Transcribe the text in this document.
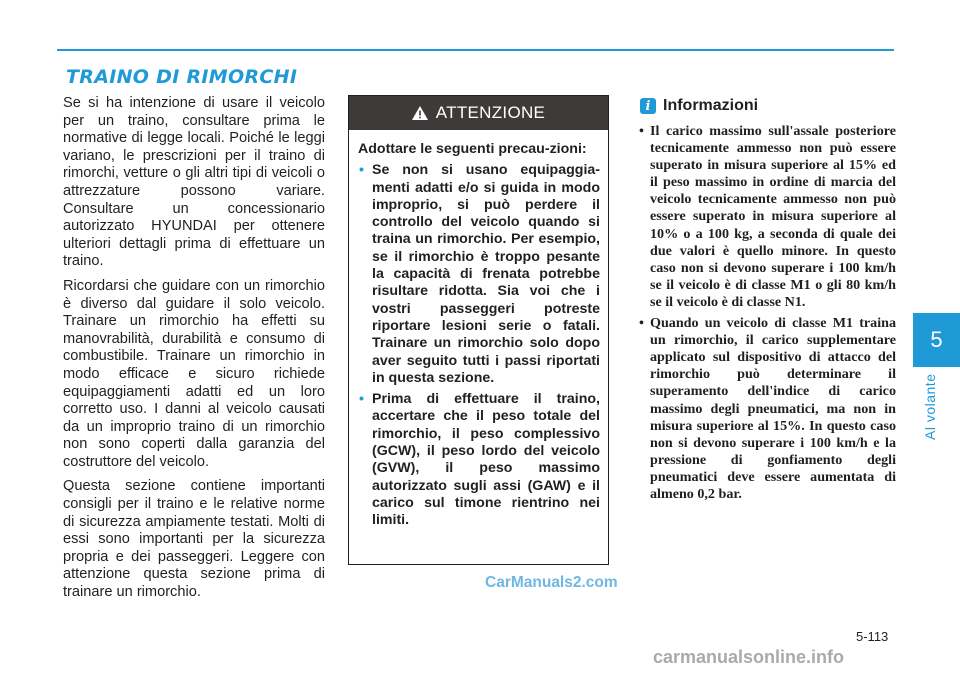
TRAINO DI RIMORCHI

Se si ha intenzione di usare il veicolo per un traino, consultare prima le normative di legge locali. Poiché le leggi variano, le prescrizioni per il traino di rimorchi, vetture o gli altri tipi di veicoli o attrezzature possono variare. Consultare un concessionario autorizzato HYUNDAI per ottenere ulteriori dettagli prima di effettuare un traino.

Ricordarsi che guidare con un rimorchio è diverso dal guidare il solo veicolo. Trainare un rimorchio ha effetti su manovrabilità, durabilità e consumo di combustibile. Trainare un rimorchio in modo efficace e sicuro richiede equipaggiamenti adatti ed un loro corretto uso. I danni al veicolo causati da un improprio traino di un rimorchio non sono coperti dalla garanzia del costruttore del veicolo.

Questa sezione contiene importanti consigli per il traino e le relative norme di sicurezza ampiamente testati. Molti di essi sono importanti per la sicurezza propria e dei passeggeri. Leggere con attenzione questa sezione prima di trainare un rimorchio.

ATTENZIONE

Adottare le seguenti precau-zioni:

• Se non si usano equipaggia-menti adatti e/o si guida in modo improprio, si può perdere il controllo del veicolo quando si traina un rimorchio. Per esempio, se il rimorchio è troppo pesante la capacità di frenata potrebbe risultare ridotta. Sia voi che i vostri passeggeri potreste riportare lesioni serie o fatali. Trainare un rimorchio solo dopo aver seguito tutti i passi riportati in questa sezione.
• Prima di effettuare il traino, accertare che il peso totale del rimorchio, il peso complessivo (GCW), il peso lordo del veicolo (GVW), il peso massimo autorizzato sugli assi (GAW) e il carico sul timone rientrino nei limiti.
i Informazioni
• Il carico massimo sull'assale posteriore tecnicamente ammesso non può essere superato in misura superiore al 15% ed il peso massimo in ordine di marcia del veicolo tecnicamente ammesso non può essere superato in misura superiore al 10% o a 100 kg, a seconda di quale dei due valori è quello minore. In questo caso non si devono superare i 100 km/h se il veicolo è di classe M1 o gli 80 km/h se il veicolo è di classe N1.
• Quando un veicolo di classe M1 traina un rimorchio, il carico supplementare applicato sul dispositivo di attacco del rimorchio può determinare il superamento dell'indice di carico massimo degli pneumatici, ma non in misura superiore al 15%. In questo caso non si devono superare i 100 km/h e la pressione di gonfiamento degli pneumatici deve essere aumentata di almeno 0,2 bar.
5
Al volante
CarManuals2.com
5-113
carmanualsonline.info
